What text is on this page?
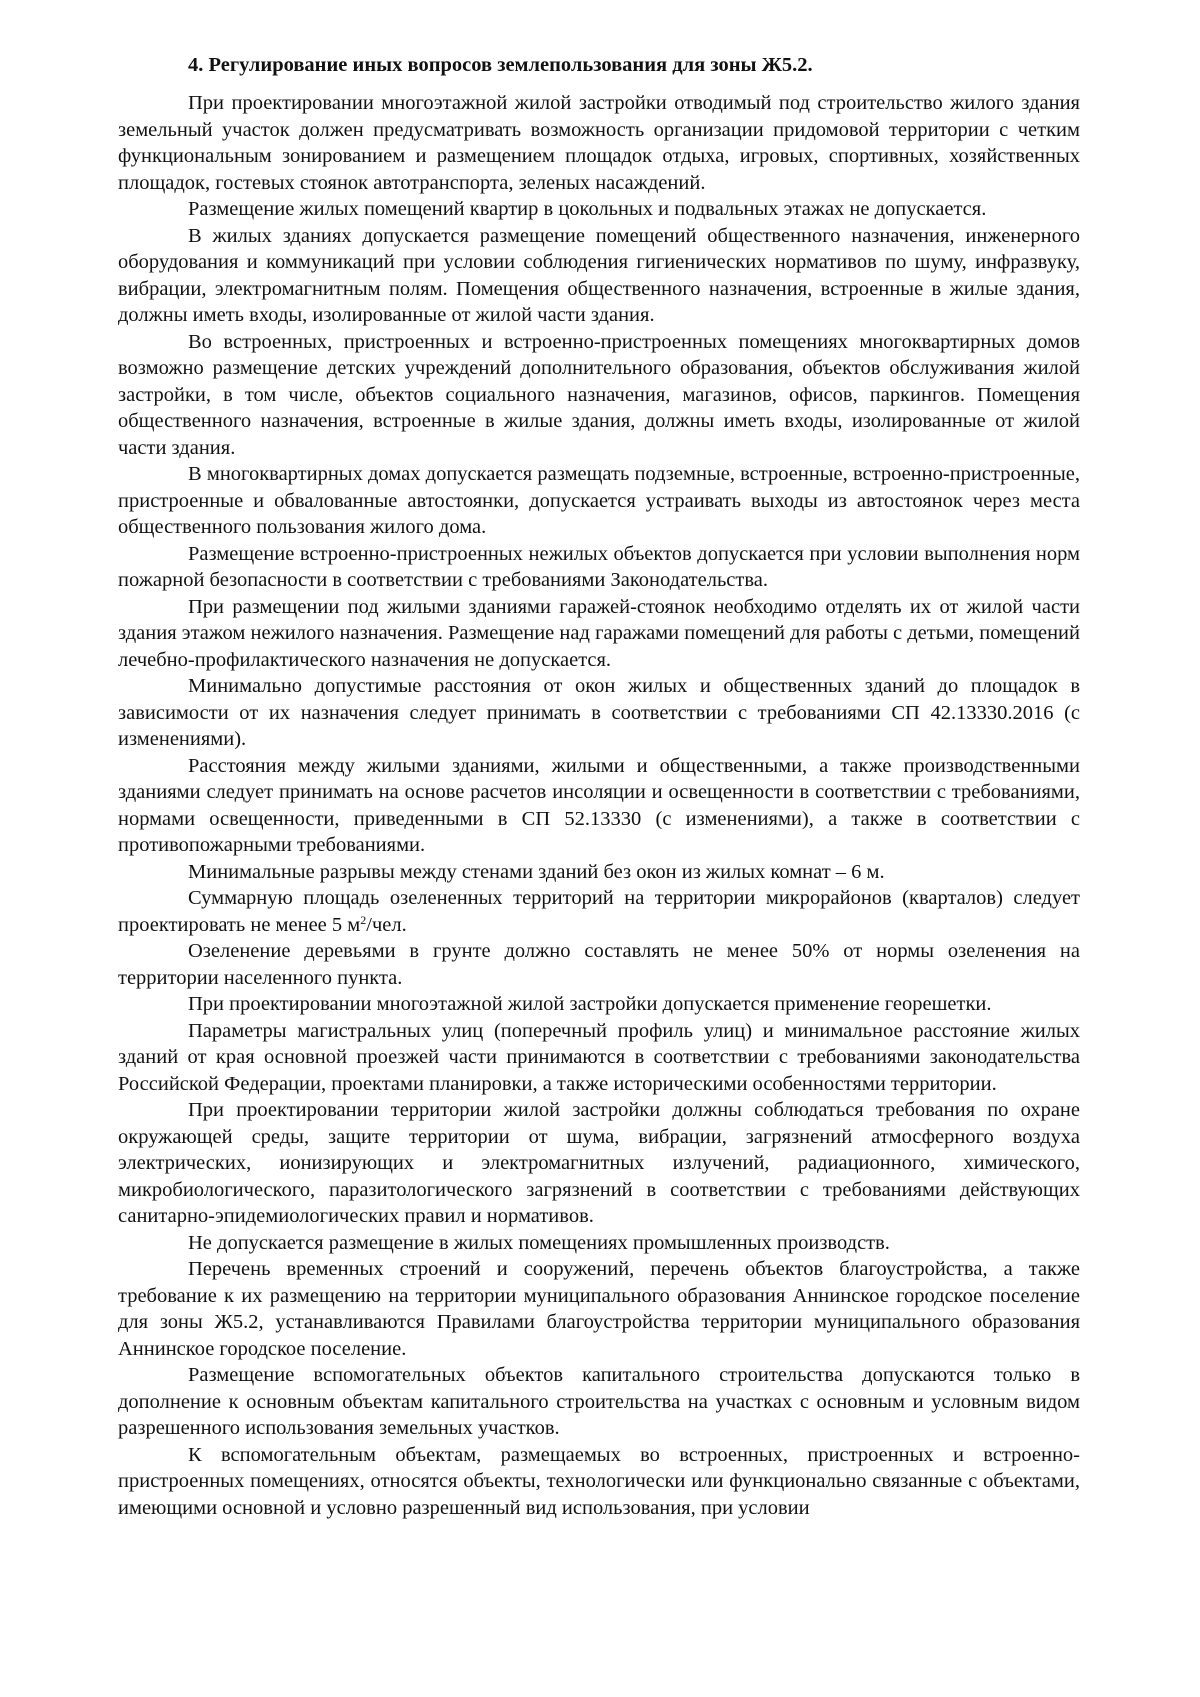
4. Регулирование иных вопросов землепользования для зоны Ж5.2.

При проектировании многоэтажной жилой застройки отводимый под строительство жилого здания земельный участок должен предусматривать возможность организации придомовой территории с четким функциональным зонированием и размещением площадок отдыха, игровых, спортивных, хозяйственных площадок, гостевых стоянок автотранспорта, зеленых насаждений.

Размещение жилых помещений квартир в цокольных и подвальных этажах не допускается.

В жилых зданиях допускается размещение помещений общественного назначения, инженерного оборудования и коммуникаций при условии соблюдения гигиенических нормативов по шуму, инфразвуку, вибрации, электромагнитным полям. Помещения общественного назначения, встроенные в жилые здания, должны иметь входы, изолированные от жилой части здания.

Во встроенных, пристроенных и встроенно-пристроенных помещениях многоквартирных домов возможно размещение детских учреждений дополнительного образования, объектов обслуживания жилой застройки, в том числе, объектов социального назначения, магазинов, офисов, паркингов. Помещения общественного назначения, встроенные в жилые здания, должны иметь входы, изолированные от жилой части здания.

В многоквартирных домах допускается размещать подземные, встроенные, встроенно-пристроенные, пристроенные и обвалованные автостоянки, допускается устраивать выходы из автостоянок через места общественного пользования жилого дома.

Размещение встроенно-пристроенных нежилых объектов допускается при условии выполнения норм пожарной безопасности в соответствии с требованиями Законодательства.

При размещении под жилыми зданиями гаражей-стоянок необходимо отделять их от жилой части здания этажом нежилого назначения. Размещение над гаражами помещений для работы с детьми, помещений лечебно-профилактического назначения не допускается.

Минимально допустимые расстояния от окон жилых и общественных зданий до площадок в зависимости от их назначения следует принимать в соответствии с требованиями СП 42.13330.2016 (с изменениями).

Расстояния между жилыми зданиями, жилыми и общественными, а также производственными зданиями следует принимать на основе расчетов инсоляции и освещенности в соответствии с требованиями, нормами освещенности, приведенными в СП 52.13330 (с изменениями), а также в соответствии с противопожарными требованиями.

Минимальные разрывы между стенами зданий без окон из жилых комнат – 6 м.

Суммарную площадь озелененных территорий на территории микрорайонов (кварталов) следует проектировать не менее 5 $м^2$/чел.

Озеленение деревьями в грунте должно составлять не менее 50% от нормы озеленения на территории населенного пункта.

При проектировании многоэтажной жилой застройки допускается применение георешетки.

Параметры магистральных улиц (поперечный профиль улиц) и минимальное расстояние жилых зданий от края основной проезжей части принимаются в соответствии с требованиями законодательства Российской Федерации, проектами планировки, а также историческими особенностями территории.

При проектировании территории жилой застройки должны соблюдаться требования по охране окружающей среды, защите территории от шума, вибрации, загрязнений атмосферного воздуха электрических, ионизирующих и электромагнитных излучений, радиационного, химического, микробиологического, паразитологического загрязнений в соответствии с требованиями действующих санитарно-эпидемиологических правил и нормативов.

Не допускается размещение в жилых помещениях промышленных производств.

Перечень временных строений и сооружений, перечень объектов благоустройства, а также требование к их размещению на территории муниципального образования Аннинское городское поселение для зоны Ж5.2, устанавливаются Правилами благоустройства территории муниципального образования Аннинское городское поселение.

Размещение вспомогательных объектов капитального строительства допускаются только в дополнение к основным объектам капитального строительства на участках с основным и условным видом разрешенного использования земельных участков.

К вспомогательным объектам, размещаемых во встроенных, пристроенных и встроенно-пристроенных помещениях, относятся объекты, технологически или функционально связанные с объектами, имеющими основной и условно разрешенный вид использования, при условии
